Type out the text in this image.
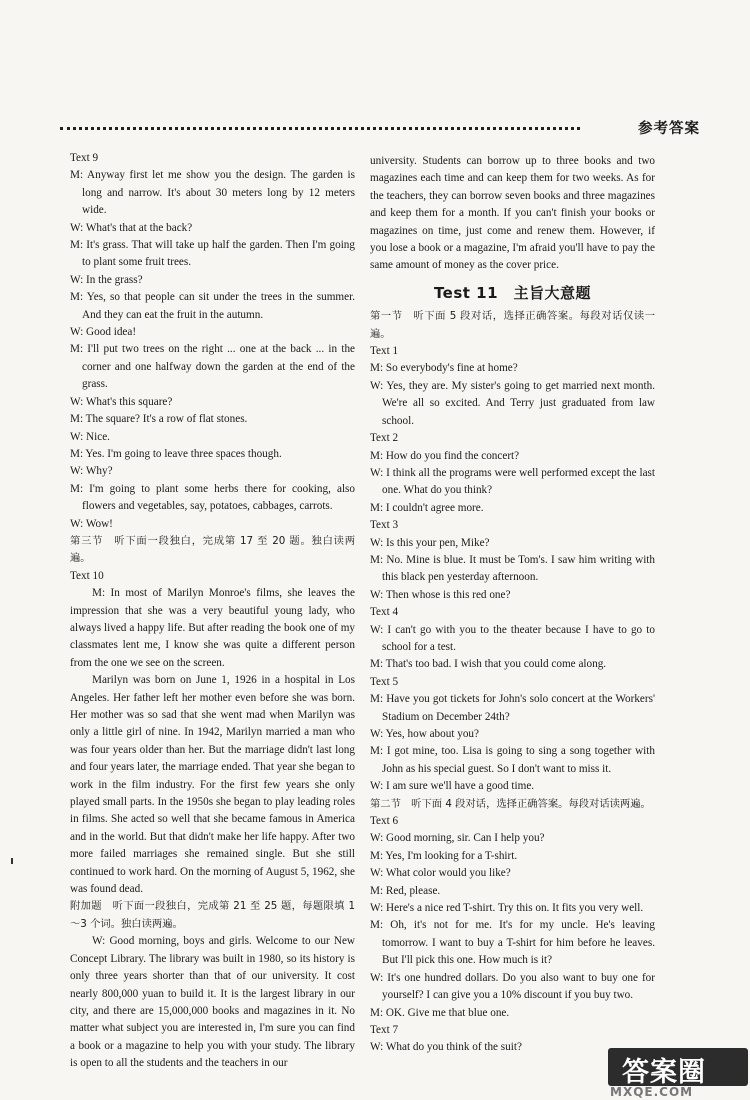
参考答案

Text 9

M: Anyway first let me show you the design. The garden is long and narrow. It's about 30 meters long by 12 meters wide.

W: What's that at the back?

M: It's grass. That will take up half the garden. Then I'm going to plant some fruit trees.

W: In the grass?

M: Yes, so that people can sit under the trees in the summer. And they can eat the fruit in the autumn.

W: Good idea!

M: I'll put two trees on the right ... one at the back ... in the corner and one halfway down the garden at the end of the grass.

W: What's this square?

M: The square? It's a row of flat stones.

W: Nice.

M: Yes. I'm going to leave three spaces though.

W: Why?

M: I'm going to plant some herbs there for cooking, also flowers and vegetables, say, potatoes, cabbages, carrots.

W: Wow!

第三节　听下面一段独白，完成第 17 至 20 题。独白读两遍。

Text 10

M: In most of Marilyn Monroe's films, she leaves the impression that she was a very beautiful young lady, who always lived a happy life. But after reading the book one of my classmates lent me, I know she was quite a different person from the one we see on the screen.

Marilyn was born on June 1, 1926 in a hospital in Los Angeles. Her father left her mother even before she was born. Her mother was so sad that she went mad when Marilyn was only a little girl of nine. In 1942, Marilyn married a man who was four years older than her. But the marriage didn't last long and four years later, the marriage ended. That year she began to work in the film industry. For the first few years she only played small parts. In the 1950s she began to play leading roles in films. She acted so well that she became famous in America and in the world. But that didn't make her life happy. After two more failed marriages she remained single. But she still continued to work hard. On the morning of August 5, 1962, she was found dead.

附加题　听下面一段独白，完成第 21 至 25 题，每题限填 1～3 个词。独白读两遍。

W: Good morning, boys and girls. Welcome to our New Concept Library. The library was built in 1980, so its history is only three years shorter than that of our university. It cost nearly 800,000 yuan to build it. It is the largest library in our city, and there are 15,000,000 books and magazines in it. No matter what subject you are interested in, I'm sure you can find a book or a magazine to help you with your study. The library is open to all the students and the teachers in our

university. Students can borrow up to three books and two magazines each time and can keep them for two weeks. As for the teachers, they can borrow seven books and three magazines and keep them for a month. If you can't finish your books or magazines on time, just come and renew them. However, if you lose a book or a magazine, I'm afraid you'll have to pay the same amount of money as the cover price.

Test 11　主旨大意题

第一节　听下面 5 段对话，选择正确答案。每段对话仅读一遍。

Text 1

M: So everybody's fine at home?

W: Yes, they are. My sister's going to get married next month. We're all so excited. And Terry just graduated from law school.

Text 2

M: How do you find the concert?

W: I think all the programs were well performed except the last one. What do you think?

M: I couldn't agree more.

Text 3

W: Is this your pen, Mike?

M: No. Mine is blue. It must be Tom's. I saw him writing with this black pen yesterday afternoon.

W: Then whose is this red one?

Text 4

W: I can't go with you to the theater because I have to go to school for a test.

M: That's too bad. I wish that you could come along.

Text 5

M: Have you got tickets for John's solo concert at the Workers' Stadium on December 24th?

W: Yes, how about you?

M: I got mine, too. Lisa is going to sing a song together with John as his special guest. So I don't want to miss it.

W: I am sure we'll have a good time.

第二节　听下面 4 段对话，选择正确答案。每段对话读两遍。

Text 6

W: Good morning, sir. Can I help you?

M: Yes, I'm looking for a T-shirt.

W: What color would you like?

M: Red, please.

W: Here's a nice red T-shirt. Try this on. It fits you very well.

M: Oh, it's not for me. It's for my uncle. He's leaving tomorrow. I want to buy a T-shirt for him before he leaves. But I'll pick this one. How much is it?

W: It's one hundred dollars. Do you also want to buy one for yourself? I can give you a 10% discount if you buy two.

M: OK. Give me that blue one.

Text 7

W: What do you think of the suit?

答案圈
MXQE.COM
